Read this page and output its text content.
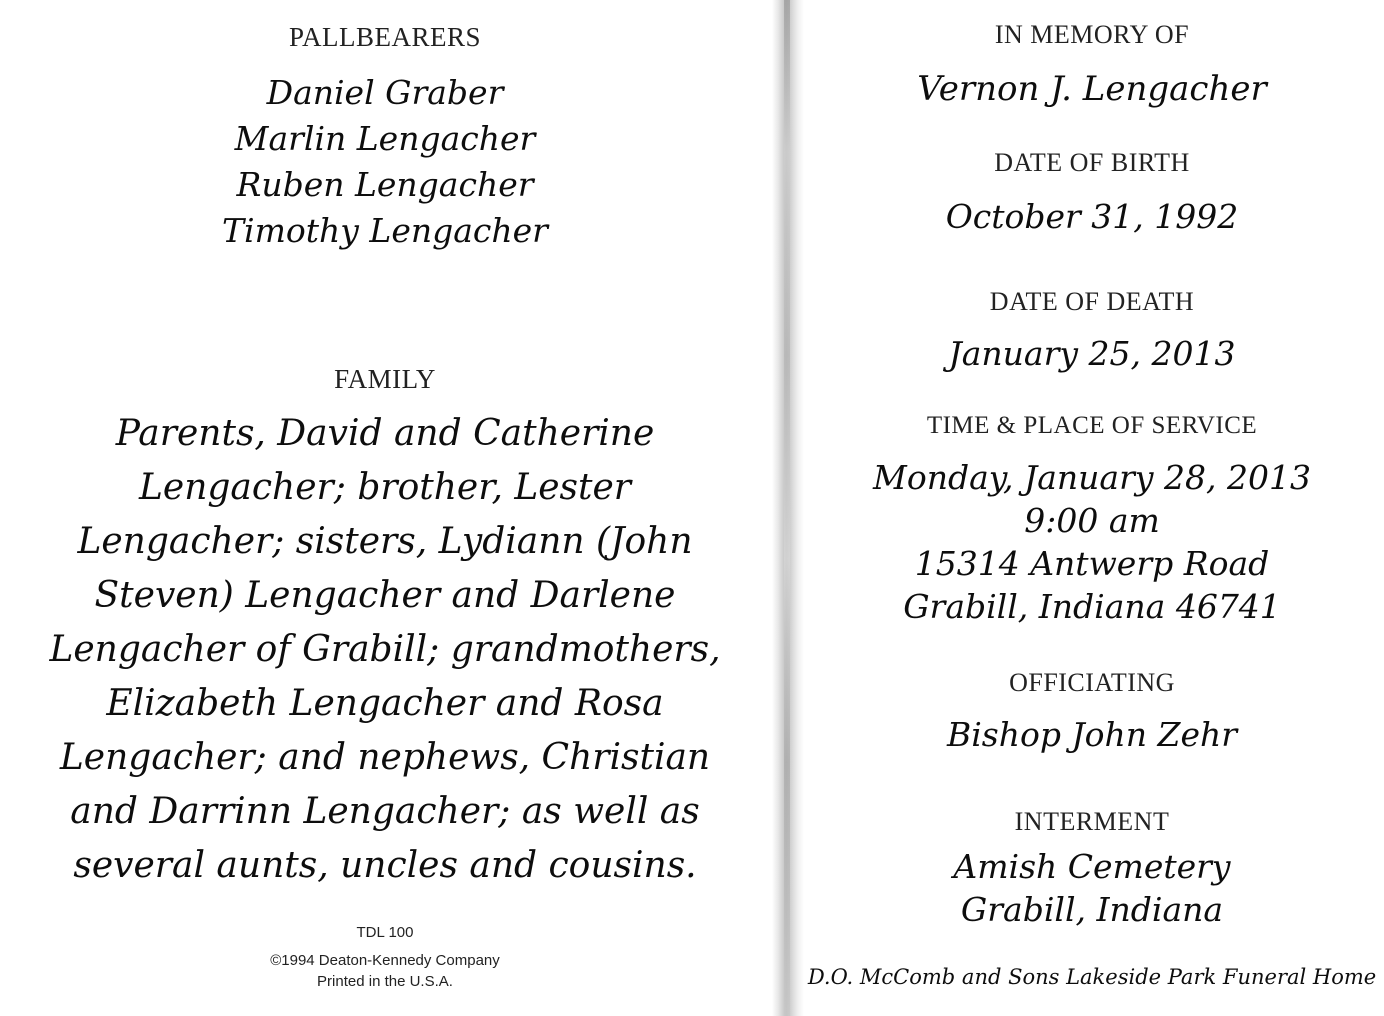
PALLBEARERS
Daniel Graber
Marlin Lengacher
Ruben Lengacher
Timothy Lengacher
FAMILY
Parents, David and Catherine
Lengacher; brother, Lester
Lengacher; sisters, Lydiann (John
Steven) Lengacher and Darlene
Lengacher of Grabill; grandmothers,
Elizabeth Lengacher and Rosa
Lengacher; and nephews, Christian
and Darrinn Lengacher; as well as
several aunts, uncles and cousins.
TDL 100
©1994 Deaton-Kennedy Company
Printed in the U.S.A.
IN MEMORY OF
Vernon J. Lengacher
DATE OF BIRTH
October 31, 1992
DATE OF DEATH
January 25, 2013
TIME & PLACE OF SERVICE
Monday, January 28, 2013
9:00 am
15314 Antwerp Road
Grabill, Indiana 46741
OFFICIATING
Bishop John Zehr
INTERMENT
Amish Cemetery
Grabill, Indiana
D.O. McComb and Sons Lakeside Park Funeral Home
